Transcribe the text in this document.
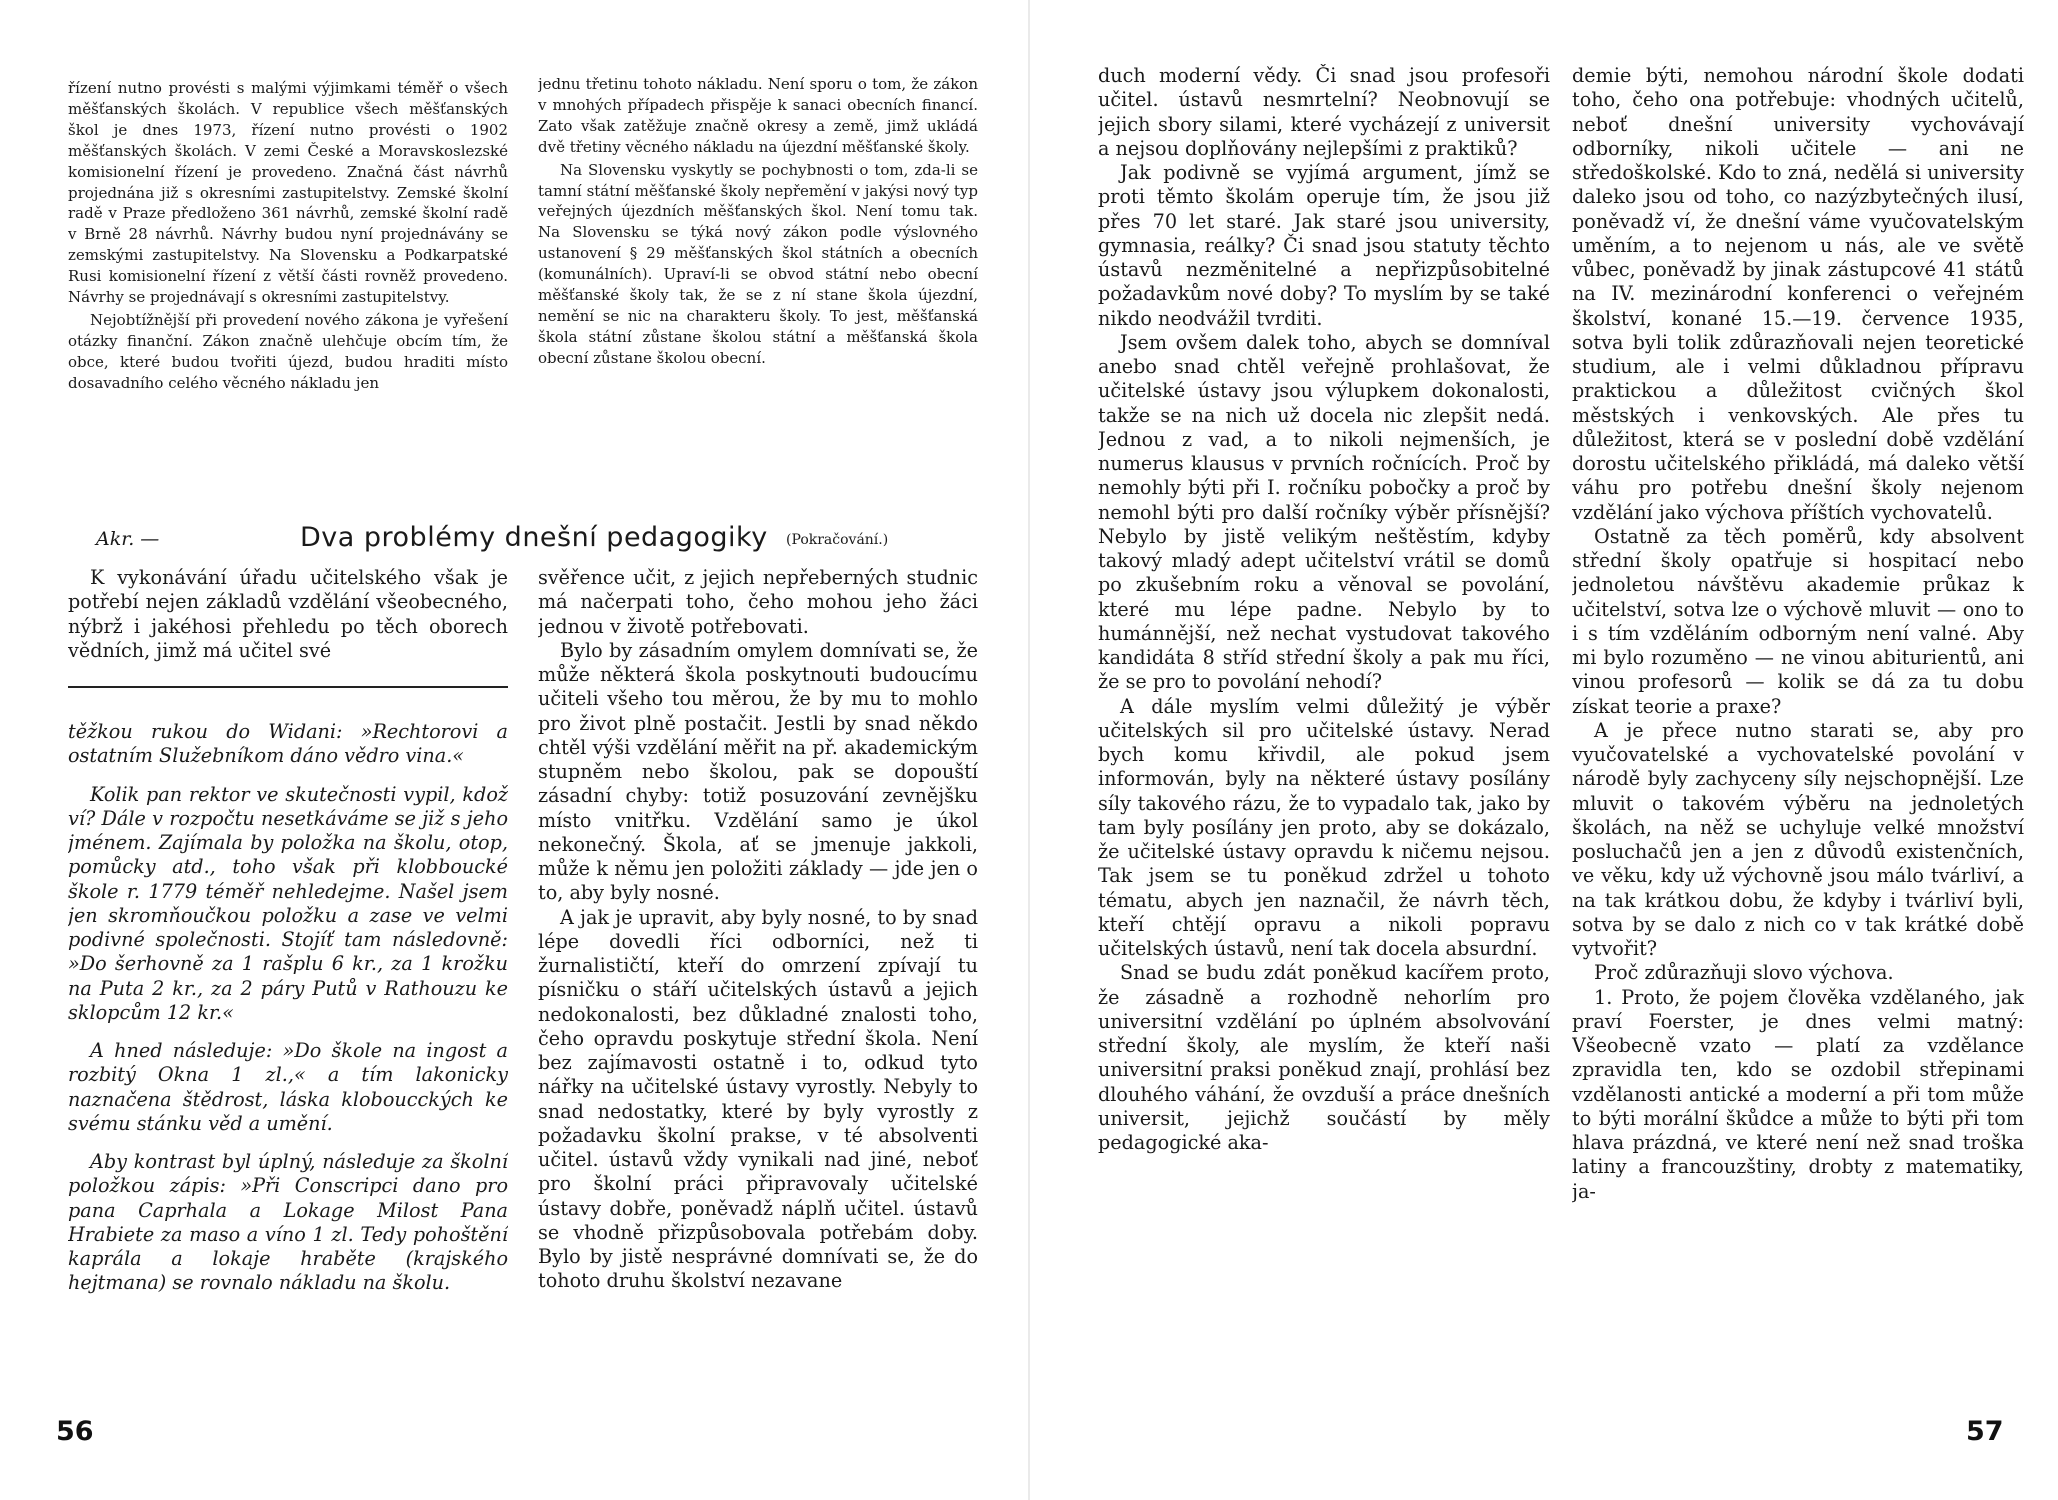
řízení nutno provésti s malými výjimkami téměř o všech měšťanských školách. V republice všech měšťanských škol je dnes 1973, řízení nutno provésti o 1902 měšťanských školách. V zemi České a Moravskoslezské komisionelní řízení je provedeno. Značná část návrhů projednána již s okresními zastupitelstvy. Zemské školní radě v Praze předloženo 361 návrhů, zemské školní radě v Brně 28 návrhů. Návrhy budou nyní projednávány se zemskými zastupitelstvy. Na Slovensku a Podkarpatské Rusi komisionelní řízení z větší části rovněž provedeno. Návrhy se projednávají s okresními zastupitelstvy.

Nejobtížnější při provedení nového zákona je vyřešení otázky finanční. Zákon značně ulehčuje obcím tím, že obce, které budou tvořiti újezd, budou hraditi místo dosavadního celého věcného nákladu jen

jednu třetinu tohoto nákladu. Není sporu o tom, že zákon v mnohých případech přispěje k sanaci obecních financí. Zato však zatěžuje značně okresy a země, jimž ukládá dvě třetiny věcného nákladu na újezdní měšťanské školy.

Na Slovensku vyskytly se pochybnosti o tom, zda-li se tamní státní měšťanské školy nepřemění v jakýsi nový typ veřejných újezdních měšťanských škol. Není tomu tak. Na Slovensku se týká nový zákon podle výslovného ustanovení § 29 měšťanských škol státních a obecních (komunálních). Upraví-li se obvod státní nebo obecní měšťanské školy tak, že se z ní stane škola újezdní, nemění se nic na charakteru školy. To jest, měšťanská škola státní zůstane školou státní a měšťanská škola obecní zůstane školou obecní.

Akr. —	Dva problémy dnešní pedagogiky (Pokračování.)

K vykonávání úřadu učitelského však je potřebí nejen základů vzdělání všeobecného, nýbrž i jakéhosi přehledu po těch oborech vědních, jimž má učitel své

těžkou rukou do Widani: »Rechtorovi a ostatním Služebníkom dáno vědro vina.«

Kolik pan rektor ve skutečnosti vypil, kdož ví? Dále v rozpočtu nesetkáváme se již s jeho jménem. Zajímala by položka na školu, otop, pomůcky atd., toho však při klobboucké škole r. 1779 téměř nehledejme. Našel jsem jen skromňoučkou položku a zase ve velmi podivné společnosti. Stojíť tam následovně: »Do šerhovně za 1 rašplu 6 kr., za 1 krožku na Puta 2 kr., za 2 páry Putů v Rathouzu ke sklopcům 12 kr.«

A hned následuje: »Do škole na ingost a rozbitý Okna 1 zl.,« a tím lakonicky naznačena štědrost, láska kloboucckých ke svému stánku věd a umění.

Aby kontrast byl úplný, následuje za školní položkou zápis: »Při Conscripci dano pro pana Caprhala a Lokage Milost Pana Hrabiete za maso a víno 1 zl. Tedy pohoštění kaprála a lokaje hraběte (krajského hejtmana) se rovnalo nákladu na školu.

svěřence učit, z jejich nepřeberných studnic má načerpati toho, čeho mohou jeho žáci jednou v životě potřebovati.

Bylo by zásadním omylem domnívati se, že může některá škola poskytnouti budoucímu učiteli všeho tou měrou, že by mu to mohlo pro život plně postačit. Jestli by snad někdo chtěl výši vzdělání měřit na př. akademickým stupněm nebo školou, pak se dopouští zásadní chyby: totiž posuzování zevnějšku místo vnitřku. Vzdělání samo je úkol nekonečný. Škola, ať se jmenuje jakkoli, může k němu jen položiti základy — jde jen o to, aby byly nosné.

A jak je upravit, aby byly nosné, to by snad lépe dovedli říci odborníci, než ti žurnalističtí, kteří do omrzení zpívají tu písničku o stáří učitelských ústavů a jejich nedokonalosti, bez důkladné znalosti toho, čeho opravdu poskytuje střední škola. Není bez zajímavosti ostatně i to, odkud tyto nářky na učitelské ústavy vyrostly. Nebyly to snad nedostatky, které by byly vyrostly z požadavku školní prakse, v té absolventi učitel. ústavů vždy vynikali nad jiné, neboť pro školní práci připravovaly učitelské ústavy dobře, poněvadž náplň učitel. ústavů se vhodně přizpůsobovala potřebám doby. Bylo by jistě nesprávné domnívati se, že do tohoto druhu školství nezavane

56

duch moderní vědy. Či snad jsou profesoři učitel. ústavů nesmrtelní? Neobnovují se jejich sbory silami, které vycházejí z universit a nejsou doplňovány nejlepšími z praktiků?

Jak podivně se vyjímá argument, jímž se proti těmto školám operuje tím, že jsou již přes 70 let staré. Jak staré jsou university, gymnasia, reálky? Či snad jsou statuty těchto ústavů nezměnitelné a nepřizpůsobitelné požadavkům nové doby? To myslím by se také nikdo neodvážil tvrditi.

Jsem ovšem dalek toho, abych se domníval anebo snad chtěl veřejně prohlašovat, že učitelské ústavy jsou výlupkem dokonalosti, takže se na nich už docela nic zlepšit nedá. Jednou z vad, a to nikoli nejmenších, je numerus klausus v prvních ročnících. Proč by nemohly býti při I. ročníku pobočky a proč by nemohl býti pro další ročníky výběr přísnější? Nebylo by jistě velikým neštěstím, kdyby takový mladý adept učitelství vrátil se domů po zkušebním roku a věnoval se povolání, které mu lépe padne. Nebylo by to humánnější, než nechat vystudovat takového kandidáta 8 stříd střední školy a pak mu říci, že se pro to povolání nehodí?

A dále myslím velmi důležitý je výběr učitelských sil pro učitelské ústavy. Nerad bych komu křivdil, ale pokud jsem informován, byly na některé ústavy posílány síly takového rázu, že to vypadalo tak, jako by tam byly posílány jen proto, aby se dokázalo, že učitelské ústavy opravdu k ničemu nejsou. Tak jsem se tu poněkud zdržel u tohoto tématu, abych jen naznačil, že návrh těch, kteří chtějí opravu a nikoli popravu učitelských ústavů, není tak docela absurdní.

Snad se budu zdát poněkud kacířem proto, že zásadně a rozhodně nehorlím pro universitní vzdělání po úplném absolvování střední školy, ale myslím, že kteří naši universitní praksi poněkud znají, prohlásí bez dlouhého váhání, že ovzduší a práce dnešních universit, jejichž součástí by měly pedagogické aka-

demie býti, nemohou národní škole dodati toho, čeho ona potřebuje: vhodných učitelů, neboť dnešní university vychovávají odborníky, nikoli učitele — ani ne středoškolské. Kdo to zná, nedělá si university daleko jsou od toho, co nazýzbytečných ilusí, poněvadž ví, že dnešní váme vyučovatelským uměním, a to nejenom u nás, ale ve světě vůbec, poněvadž by jinak zástupcové 41 států na IV. mezinárodní konferenci o veřejném školství, konané 15.—19. července 1935, sotva byli tolik zdůrazňovali nejen teoretické studium, ale i velmi důkladnou přípravu praktickou a důležitost cvičných škol městských i venkovských. Ale přes tu důležitost, která se v poslední době vzdělání dorostu učitelského přikládá, má daleko větší váhu pro potřebu dnešní školy nejenom vzdělání jako výchova příštích vychovatelů.

Ostatně za těch poměrů, kdy absolvent střední školy opatřuje si hospitací nebo jednoletou návštěvu akademie průkaz k učitelství, sotva lze o výchově mluvit — ono to i s tím vzděláním odborným není valné. Aby mi bylo rozuměno — ne vinou abiturientů, ani vinou profesorů — kolik se dá za tu dobu získat teorie a praxe?

A je přece nutno starati se, aby pro vyučovatelské a vychovatelské povolání v národě byly zachyceny síly nejschopnější. Lze mluvit o takovém výběru na jednoletých školách, na něž se uchyluje velké množství posluchačů jen a jen z důvodů existenčních, ve věku, kdy už výchovně jsou málo tvárliví, a na tak krátkou dobu, že kdyby i tvárliví byli, sotva by se dalo z nich co v tak krátké době vytvořit?

Proč zdůrazňuji slovo výchova.

1. Proto, že pojem člověka vzdělaného, jak praví Foerster, je dnes velmi matný: Všeobecně vzato — platí za vzdělance zpravidla ten, kdo se ozdobil střepinami vzdělanosti antické a moderní a při tom může to býti morální škůdce a může to býti při tom hlava prázdná, ve které není než snad troška latiny a francouzštiny, drobty z matematiky, ja-

57
